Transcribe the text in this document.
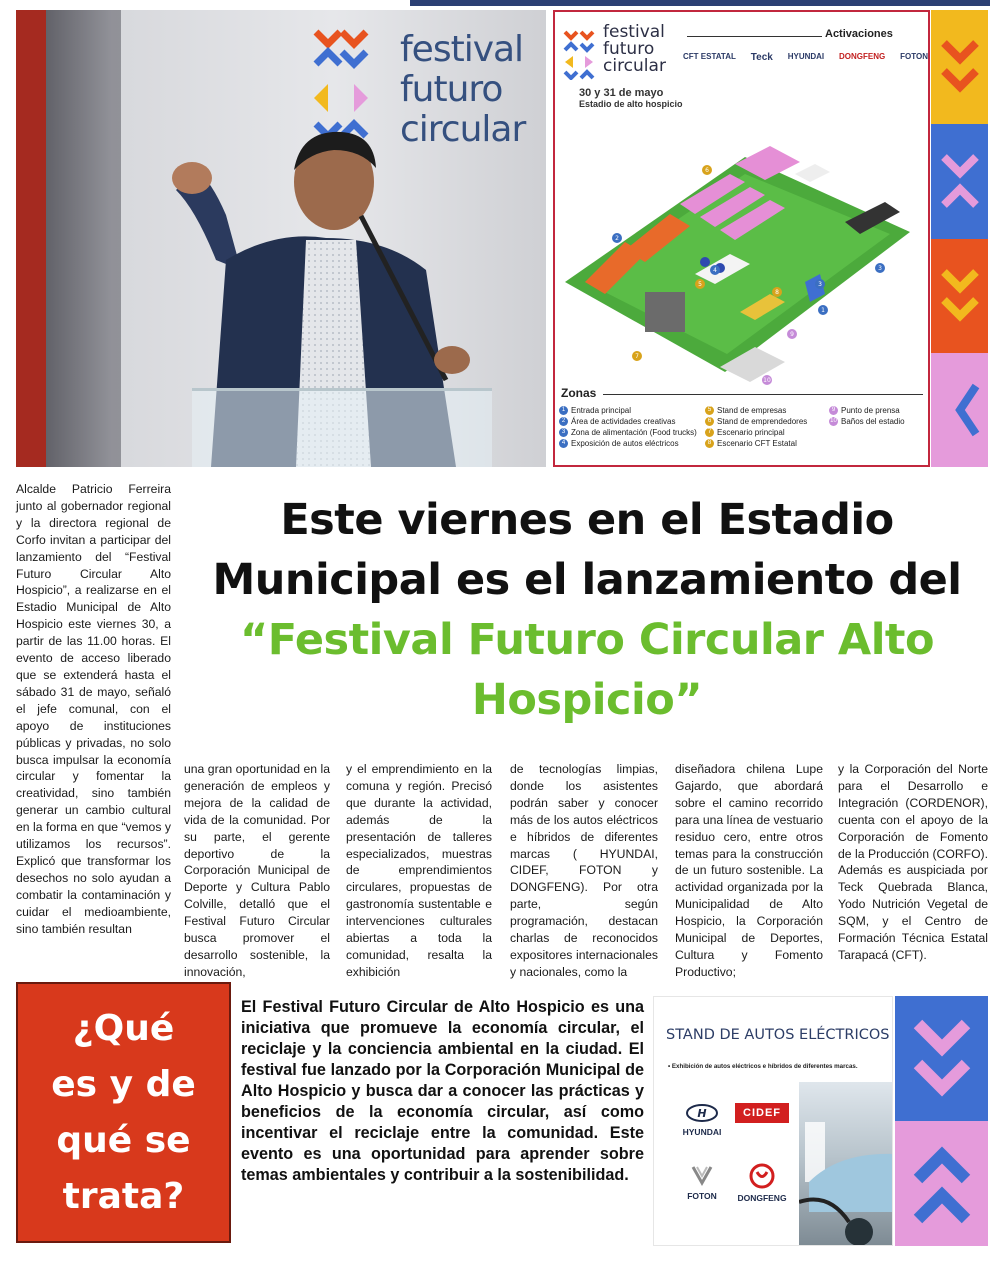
festival
futuro
circular
festival
futuro
circular
30 y 31 de mayo
Estadio de alto hospicio
Activaciones
CFT ESTATAL Teck HYUNDAI DONGFENG FOTON
2
3
4
5
6
7
8
9
10
1
3
Zonas
1 Entrada principal	5 Stand de empresas	9 Punto de prensa
2 Área de actividades creativas	6 Stand de emprendedores	10 Baños del estadio
3 Zona de alimentación (Food trucks)	7 Escenario principal
4 Exposición de autos eléctricos	8 Escenario CFT Estatal

Alcalde Patricio Ferreira junto al gobernador regional y la directora regional de Corfo invitan a participar del lanzamiento del “Festival Futuro Circular Alto Hospicio”, a realizarse en el Estadio Municipal de Alto Hospicio este viernes 30, a partir de las 11.00 horas. El evento de acceso liberado que se extenderá hasta el sábado 31 de mayo, señaló el jefe comunal, con el apoyo de instituciones públicas y privadas, no solo busca impulsar la economía circular y fomentar la creatividad, sino también generar un cambio cultural en la forma en que “vemos y utilizamos los recursos”. Explicó que transformar los desechos no solo ayudan a combatir la contaminación y cuidar el medioambiente, sino también resultan

Este viernes en el Estadio Municipal es el lanzamiento del “Festival Futuro Circular Alto Hospicio”

una gran oportunidad en la generación de empleos y mejora de la calidad de vida de la comunidad. Por su parte, el gerente deportivo de la Corporación Municipal de Deporte y Cultura Pablo Colville, detalló que el Festival Futuro Circular busca promover el desarrollo sostenible, la innovación,

y el emprendimiento en la comuna y región. Precisó que durante la actividad, además de la presentación de talleres especializados, muestras de emprendimientos circulares, propuestas de gastronomía sustentable e intervenciones culturales abiertas a toda la comunidad, resalta la exhibición

de tecnologías limpias, donde los asistentes podrán saber y conocer más de los autos eléctricos e híbridos de diferentes marcas ( HYUNDAI, CIDEF, FOTON y DONGFENG). Por otra parte, según programación, destacan charlas de reconocidos expositores internacionales y nacionales, como la

diseñadora chilena Lupe Gajardo, que abordará sobre el camino recorrido para una línea de vestuario residuo cero, entre otros temas para la construcción de un futuro sostenible. La actividad organizada por la Municipalidad de Alto Hospicio, la Corporación Municipal de Deportes, Cultura y Fomento Productivo;

y la Corporación del Norte para el Desarrollo e Integración (CORDENOR), cuenta con el apoyo de la Corporación de Fomento de la Producción (CORFO). Además es auspiciada por Teck Quebrada Blanca, Yodo Nutrición Vegetal de SQM, y el Centro de Formación Técnica Estatal Tarapacá (CFT).

¿Qué
es y de
qué se
trata?
El Festival Futuro Circular de Alto Hospicio es una iniciativa que promueve la economía circular, el reciclaje y la conciencia ambiental en la ciudad. El festival fue lanzado por la Corporación Municipal de Alto Hospicio y busca dar a conocer las prácticas y beneficios de la economía circular, así como incentivar el reciclaje entre la comunidad. Este evento es una oportunidad para aprender sobre temas ambientales y contribuir a la sostenibilidad.
STAND DE AUTOS ELÉCTRICOS
• Exhibición de autos eléctricos e híbridos de diferentes marcas.
H
HYUNDAI
CIDEF
FOTON DONGFENG
